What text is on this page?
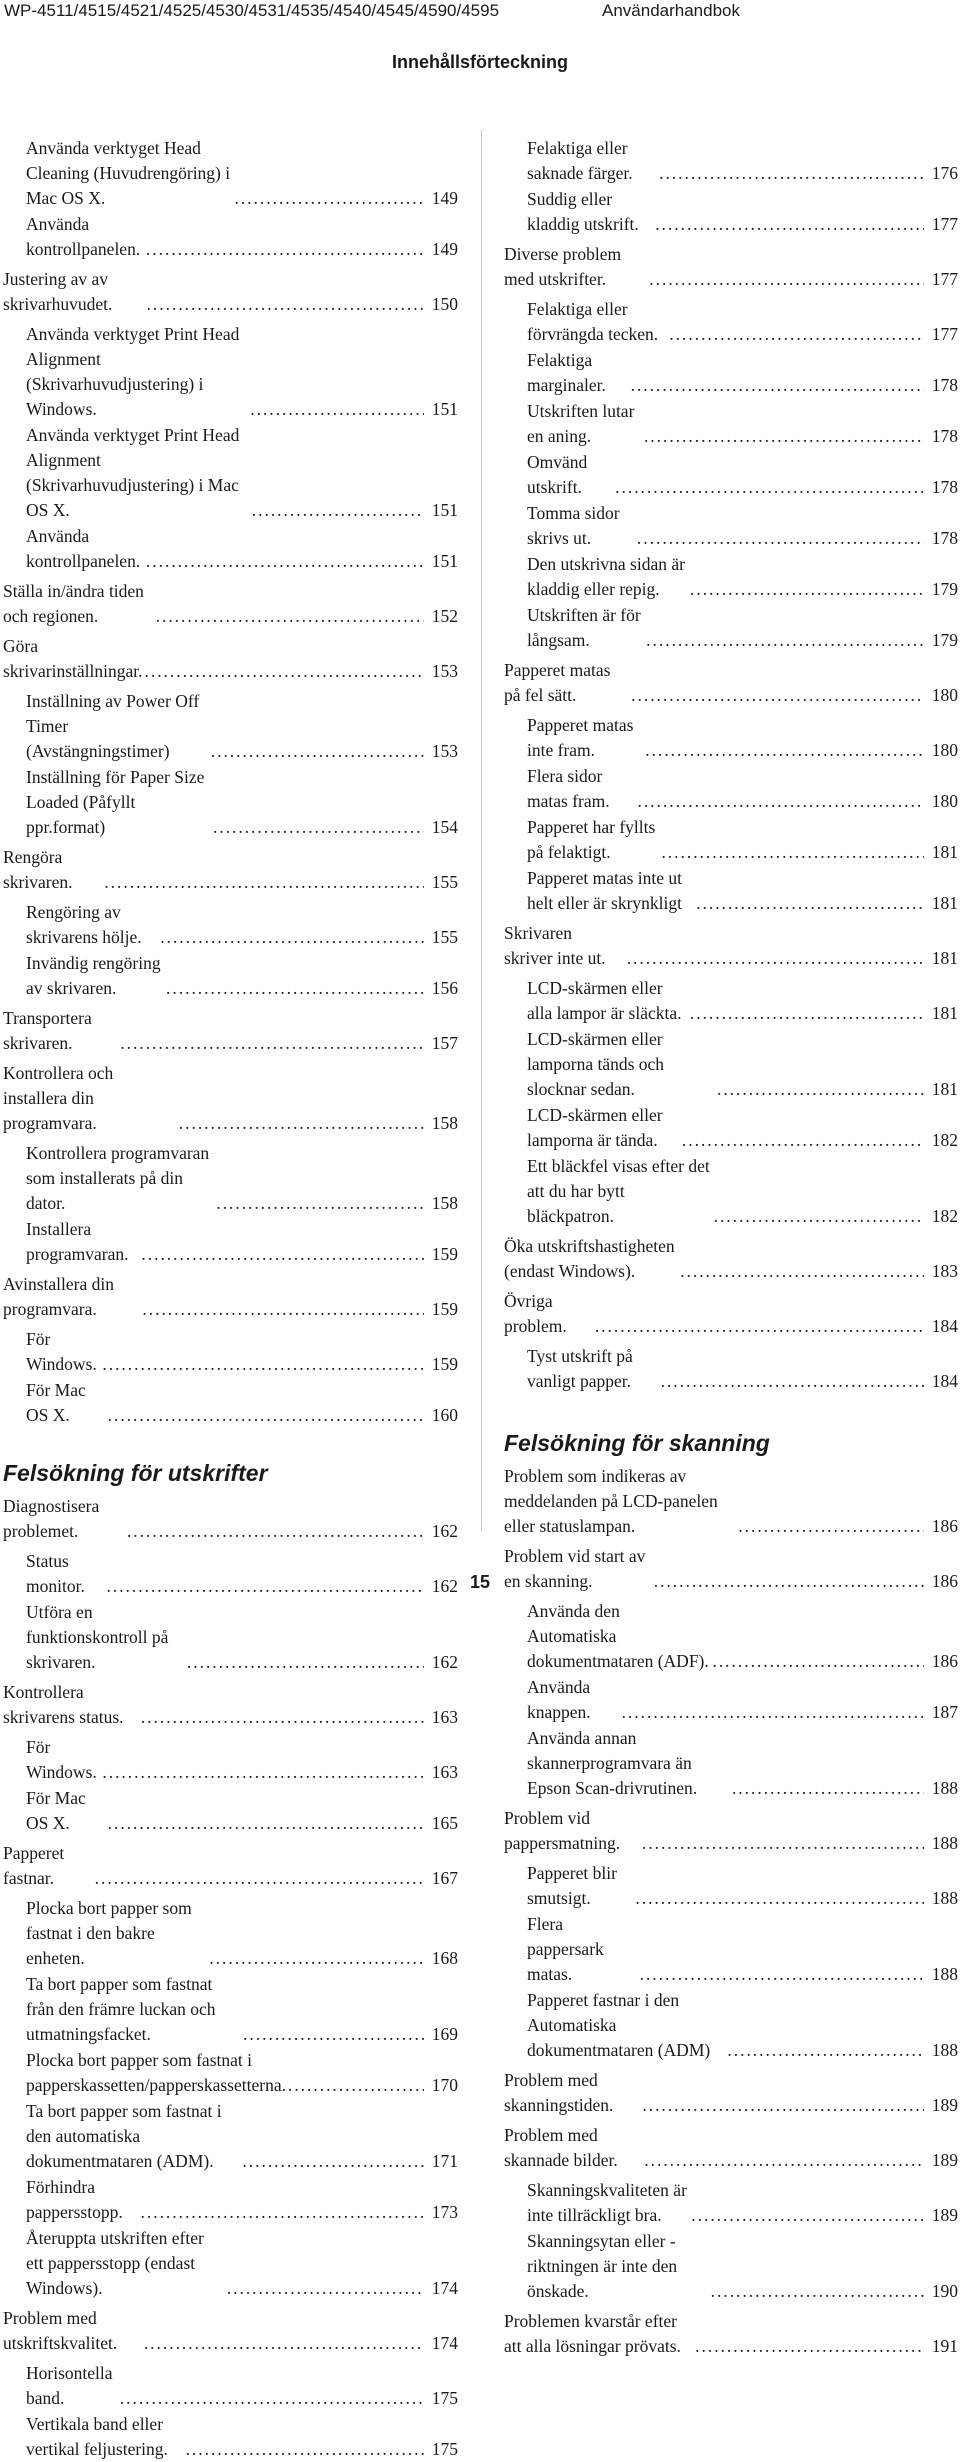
WP-4511/4515/4521/4525/4530/4531/4535/4540/4545/4590/4595	Användarhandbok
Innehållsförteckning
Använda verktyget Head Cleaning (Huvudrengöring) i Mac OS X. . . .	149
Använda kontrollpanelen. . . .	149
Justering av av skrivarhuvudet. . . .	150
Använda verktyget Print Head Alignment (Skrivarhuvudjustering) i Windows. . . .	151
Använda verktyget Print Head Alignment (Skrivarhuvudjustering) i Mac OS X. . . .	151
Använda kontrollpanelen. . . .	151
Ställa in/ändra tiden och regionen. . . .	152
Göra skrivarinställningar. . . .	153
Inställning av Power Off Timer (Avstängningstimer) . . .	153
Inställning för Paper Size Loaded (Påfyllt ppr.format) . . .	154
Rengöra skrivaren. . . .	155
Rengöring av skrivarens hölje. . . .	155
Invändig rengöring av skrivaren. . . .	156
Transportera skrivaren. . . .	157
Kontrollera och installera din programvara. . . .	158
Kontrollera programvaran som installerats på din dator. . . .	158
Installera programvaran. . . .	159
Avinstallera din programvara. . . .	159
För Windows. . . .	159
För Mac OS X. . . .	160
Felsökning för utskrifter
Diagnostisera problemet. . . .	162
Status monitor. . . .	162
Utföra en funktionskontroll på skrivaren. . . .	162
Kontrollera skrivarens status. . . .	163
För Windows. . . .	163
För Mac OS X. . . .	165
Papperet fastnar. . . .	167
Plocka bort papper som fastnat i den bakre enheten. . . .	168
Ta bort papper som fastnat från den främre luckan och utmatningsfacket. . . .	169
Plocka bort papper som fastnat i papperskassetten/papperskassetterna. . . .	170
Ta bort papper som fastnat i den automatiska dokumentmataren (ADM). . . .	171
Förhindra pappersstopp. . . .	173
Återuppta utskriften efter ett pappersstopp (endast Windows). . . .	174
Problem med utskriftskvalitet. . . .	174
Horisontella band. . . .	175
Vertikala band eller vertikal feljustering. . . .	175
Felaktiga eller saknade färger. . . .	176
Suddig eller kladdig utskrift. . . .	177
Diverse problem med utskrifter. . . .	177
Felaktiga eller förvrängda tecken. . . .	177
Felaktiga marginaler. . . .	178
Utskriften lutar en aning. . . .	178
Omvänd utskrift. . . .	178
Tomma sidor skrivs ut. . . .	178
Den utskrivna sidan är kladdig eller repig. . . .	179
Utskriften är för långsam. . . .	179
Papperet matas på fel sätt. . . .	180
Papperet matas inte fram. . . .	180
Flera sidor matas fram. . . .	180
Papperet har fyllts på felaktigt. . . .	181
Papperet matas inte ut helt eller är skrynkligt . . .	181
Skrivaren skriver inte ut. . . .	181
LCD-skärmen eller alla lampor är släckta. . . .	181
LCD-skärmen eller lamporna tänds och slocknar sedan. . . .	181
LCD-skärmen eller lamporna är tända. . . .	182
Ett bläckfel visas efter det att du har bytt bläckpatron. . . .	182
Öka utskriftshastigheten (endast Windows). . . .	183
Övriga problem. . . .	184
Tyst utskrift på vanligt papper. . . .	184
Felsökning för skanning
Problem som indikeras av meddelanden på LCD-panelen eller statuslampan. . . .	186
Problem vid start av en skanning. . . .	186
Använda den Automatiska dokumentmataren (ADF). . . .	186
Använda knappen. . . .	187
Använda annan skannerprogramvara än Epson Scan-drivrutinen. . . .	188
Problem vid pappersmatning. . . .	188
Papperet blir smutsigt. . . .	188
Flera pappersark matas. . . .	188
Papperet fastnar i den Automatiska dokumentmataren (ADM) . . .	188
Problem med skanningstiden. . . .	189
Problem med skannade bilder. . . .	189
Skanningskvaliteten är inte tillräckligt bra. . . .	189
Skanningsytan eller -riktningen är inte den önskade. . . .	190
Problemen kvarstår efter att alla lösningar prövats. . . .	191
15
